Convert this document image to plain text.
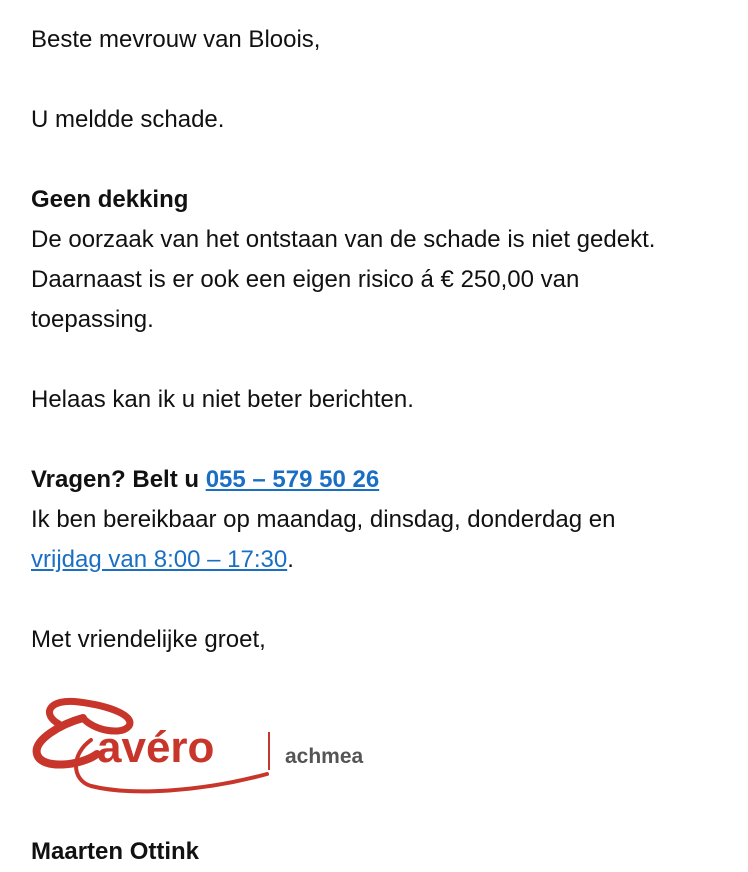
Beste mevrouw van Bloois,
U meldde schade.
Geen dekking
De oorzaak van het ontstaan van de schade is niet gedekt.
Daarnaast is er ook een eigen risico á € 250,00 van
toepassing.
Helaas kan ik u niet beter berichten.
Vragen? Belt u 055 – 579 50 26
Ik ben bereikbaar op maandag, dinsdag, donderdag en
vrijdag van 8:00 – 17:30.
Met vriendelijke groet,
avéro	achmea
Maarten Ottink
